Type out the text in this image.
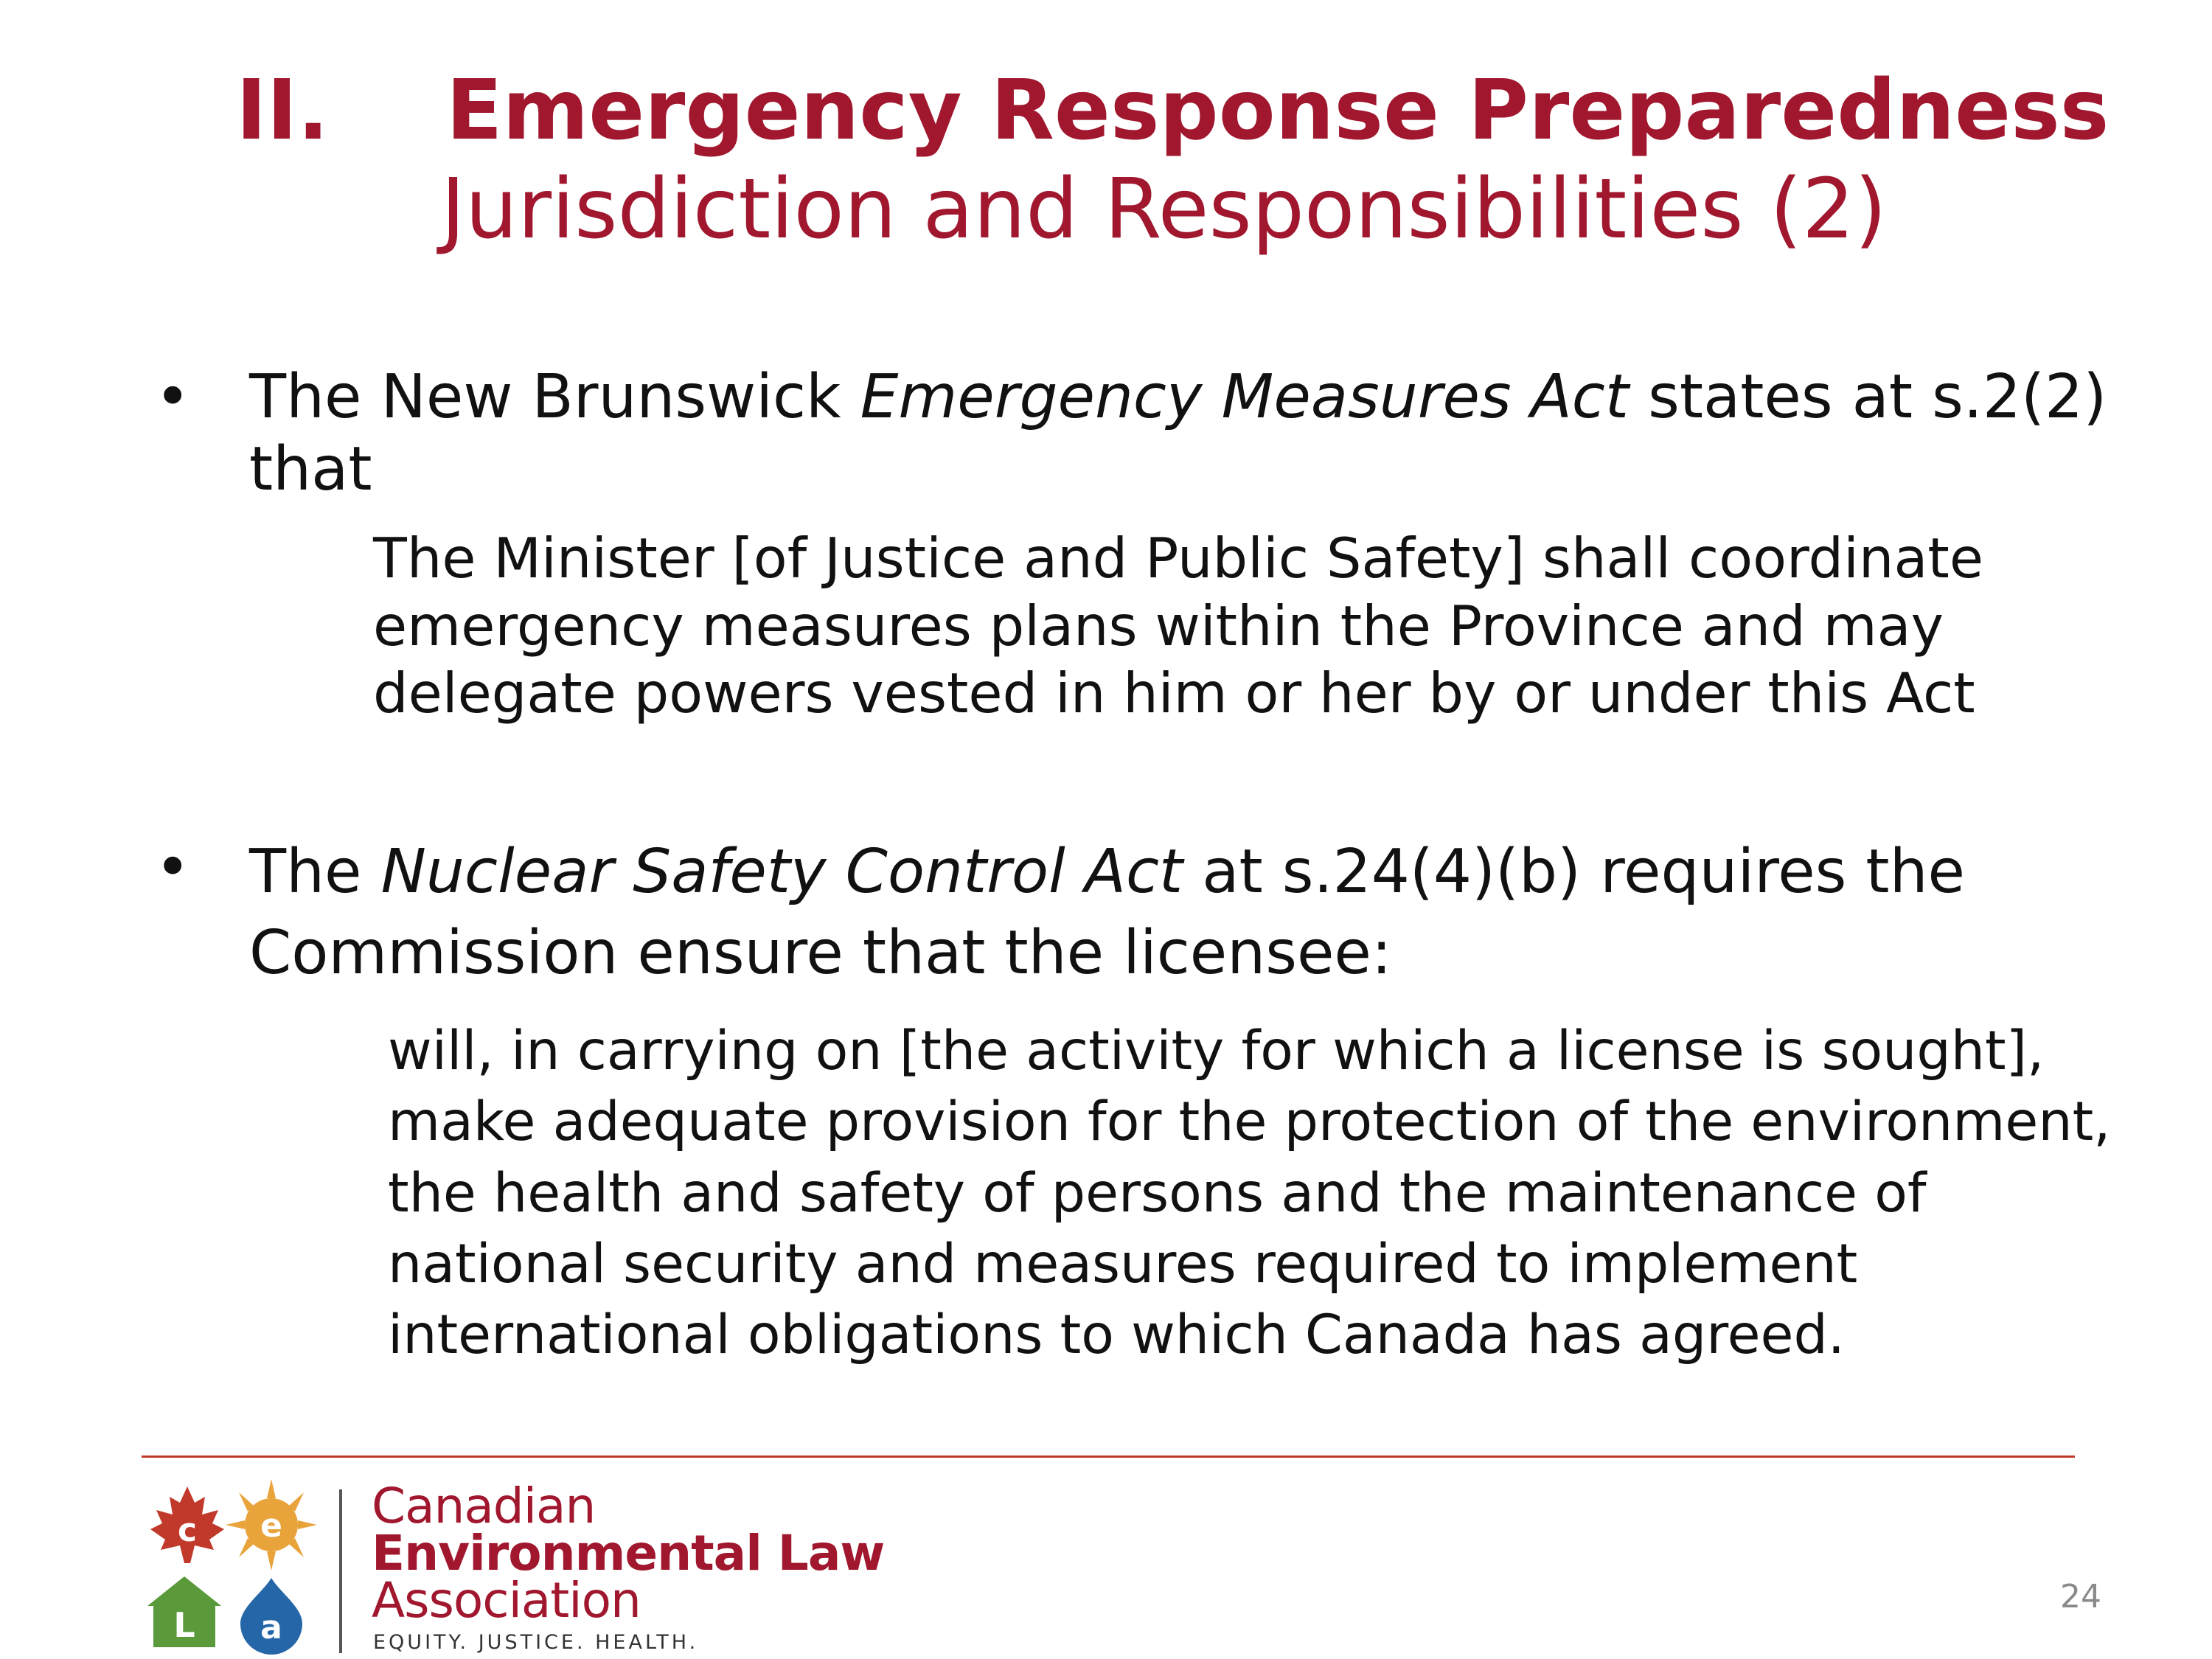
II. Emergency Response Preparedness
Jurisdiction and Responsibilities (2)
• The New Brunswick Emergency Measures Act states at s.2(2) that
The Minister [of Justice and Public Safety] shall coordinate emergency measures plans within the Province and may delegate powers vested in him or her by or under this Act
• The Nuclear Safety Control Act at s.24(4)(b) requires the Commission ensure that the licensee:
will, in carrying on [the activity for which a license is sought], make adequate provision for the protection of the environment, the health and safety of persons and the maintenance of national security and measures required to implement international obligations to which Canada has agreed.
c e
L a
Canadian
Environmental Law
Association
EQUITY. JUSTICE. HEALTH.
24
